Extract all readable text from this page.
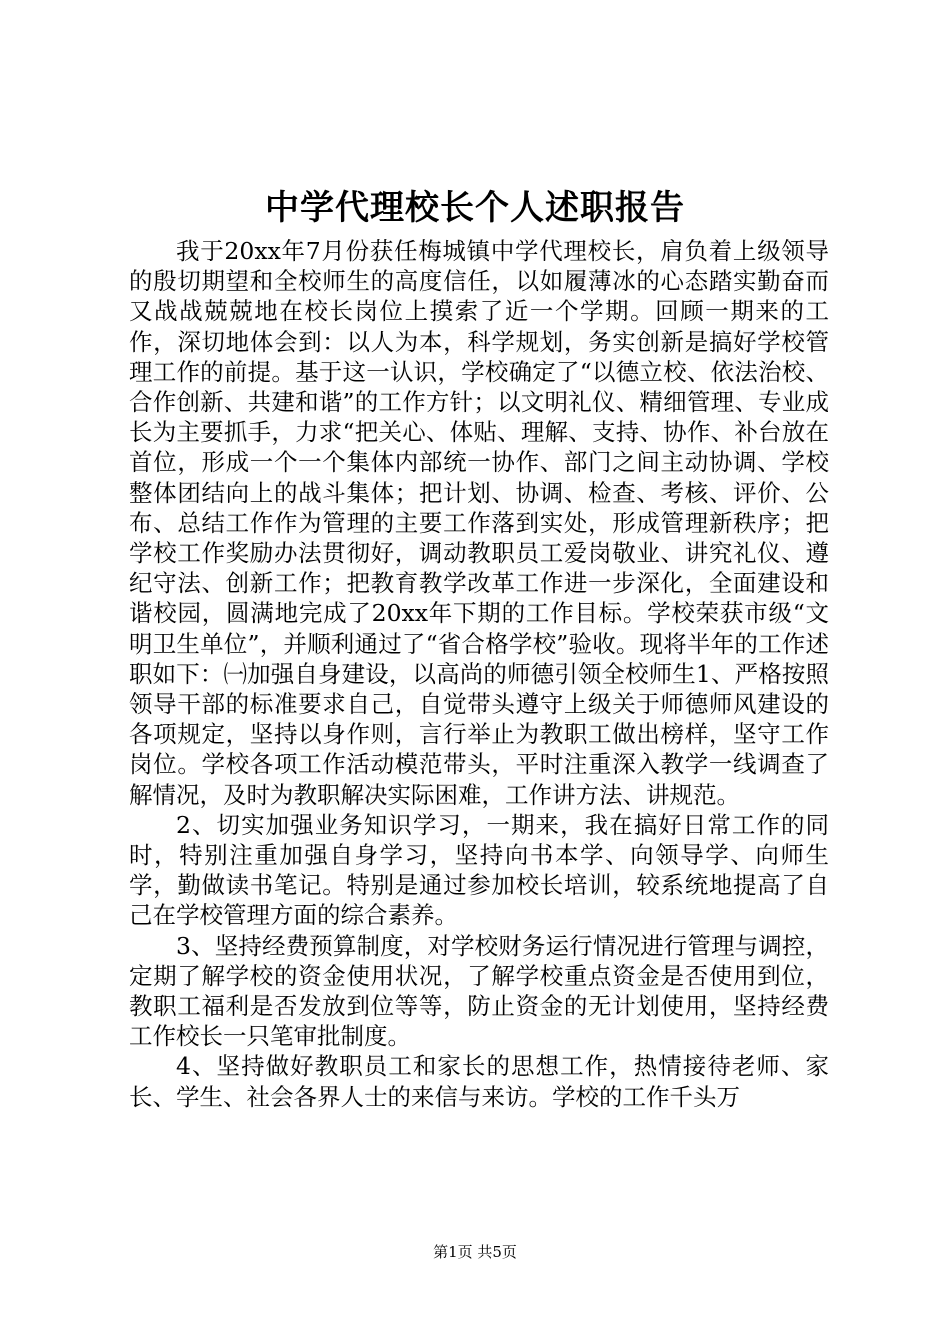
中学代理校长个人述职报告

我于20xx年7月份获任梅城镇中学代理校长，肩负着上级领导的殷切期望和全校师生的高度信任，以如履薄冰的心态踏实勤奋而又战战兢兢地在校长岗位上摸索了近一个学期。回顾一期来的工作，深切地体会到：以人为本，科学规划，务实创新是搞好学校管理工作的前提。基于这一认识，学校确定了“以德立校、依法治校、合作创新、共建和谐”的工作方针；以文明礼仪、精细管理、专业成长为主要抓手，力求“把关心、体贴、理解、支持、协作、补台放在首位，形成一个一个集体内部统一协作、部门之间主动协调、学校整体团结向上的战斗集体；把计划、协调、检查、考核、评价、公布、总结工作作为管理的主要工作落到实处，形成管理新秩序；把学校工作奖励办法贯彻好，调动教职员工爱岗敬业、讲究礼仪、遵纪守法、创新工作；把教育教学改革工作进一步深化，全面建设和谐校园，圆满地完成了20xx年下期的工作目标。学校荣获市级“文明卫生单位”，并顺利通过了“省合格学校”验收。现将半年的工作述职如下：㈠加强自身建设，以高尚的师德引领全校师生1、严格按照领导干部的标准要求自己，自觉带头遵守上级关于师德师风建设的各项规定，坚持以身作则，言行举止为教职工做出榜样，坚守工作岗位。学校各项工作活动模范带头，平时注重深入教学一线调查了解情况，及时为教职解决实际困难，工作讲方法、讲规范。

2、切实加强业务知识学习，一期来，我在搞好日常工作的同时，特别注重加强自身学习，坚持向书本学、向领导学、向师生学，勤做读书笔记。特别是通过参加校长培训，较系统地提高了自己在学校管理方面的综合素养。

3、坚持经费预算制度，对学校财务运行情况进行管理与调控，定期了解学校的资金使用状况，了解学校重点资金是否使用到位，教职工福利是否发放到位等等，防止资金的无计划使用，坚持经费工作校长一只笔审批制度。

4、坚持做好教职员工和家长的思想工作，热情接待老师、家长、学生、社会各界人士的来信与来访。学校的工作千头万

第1页 共5页
